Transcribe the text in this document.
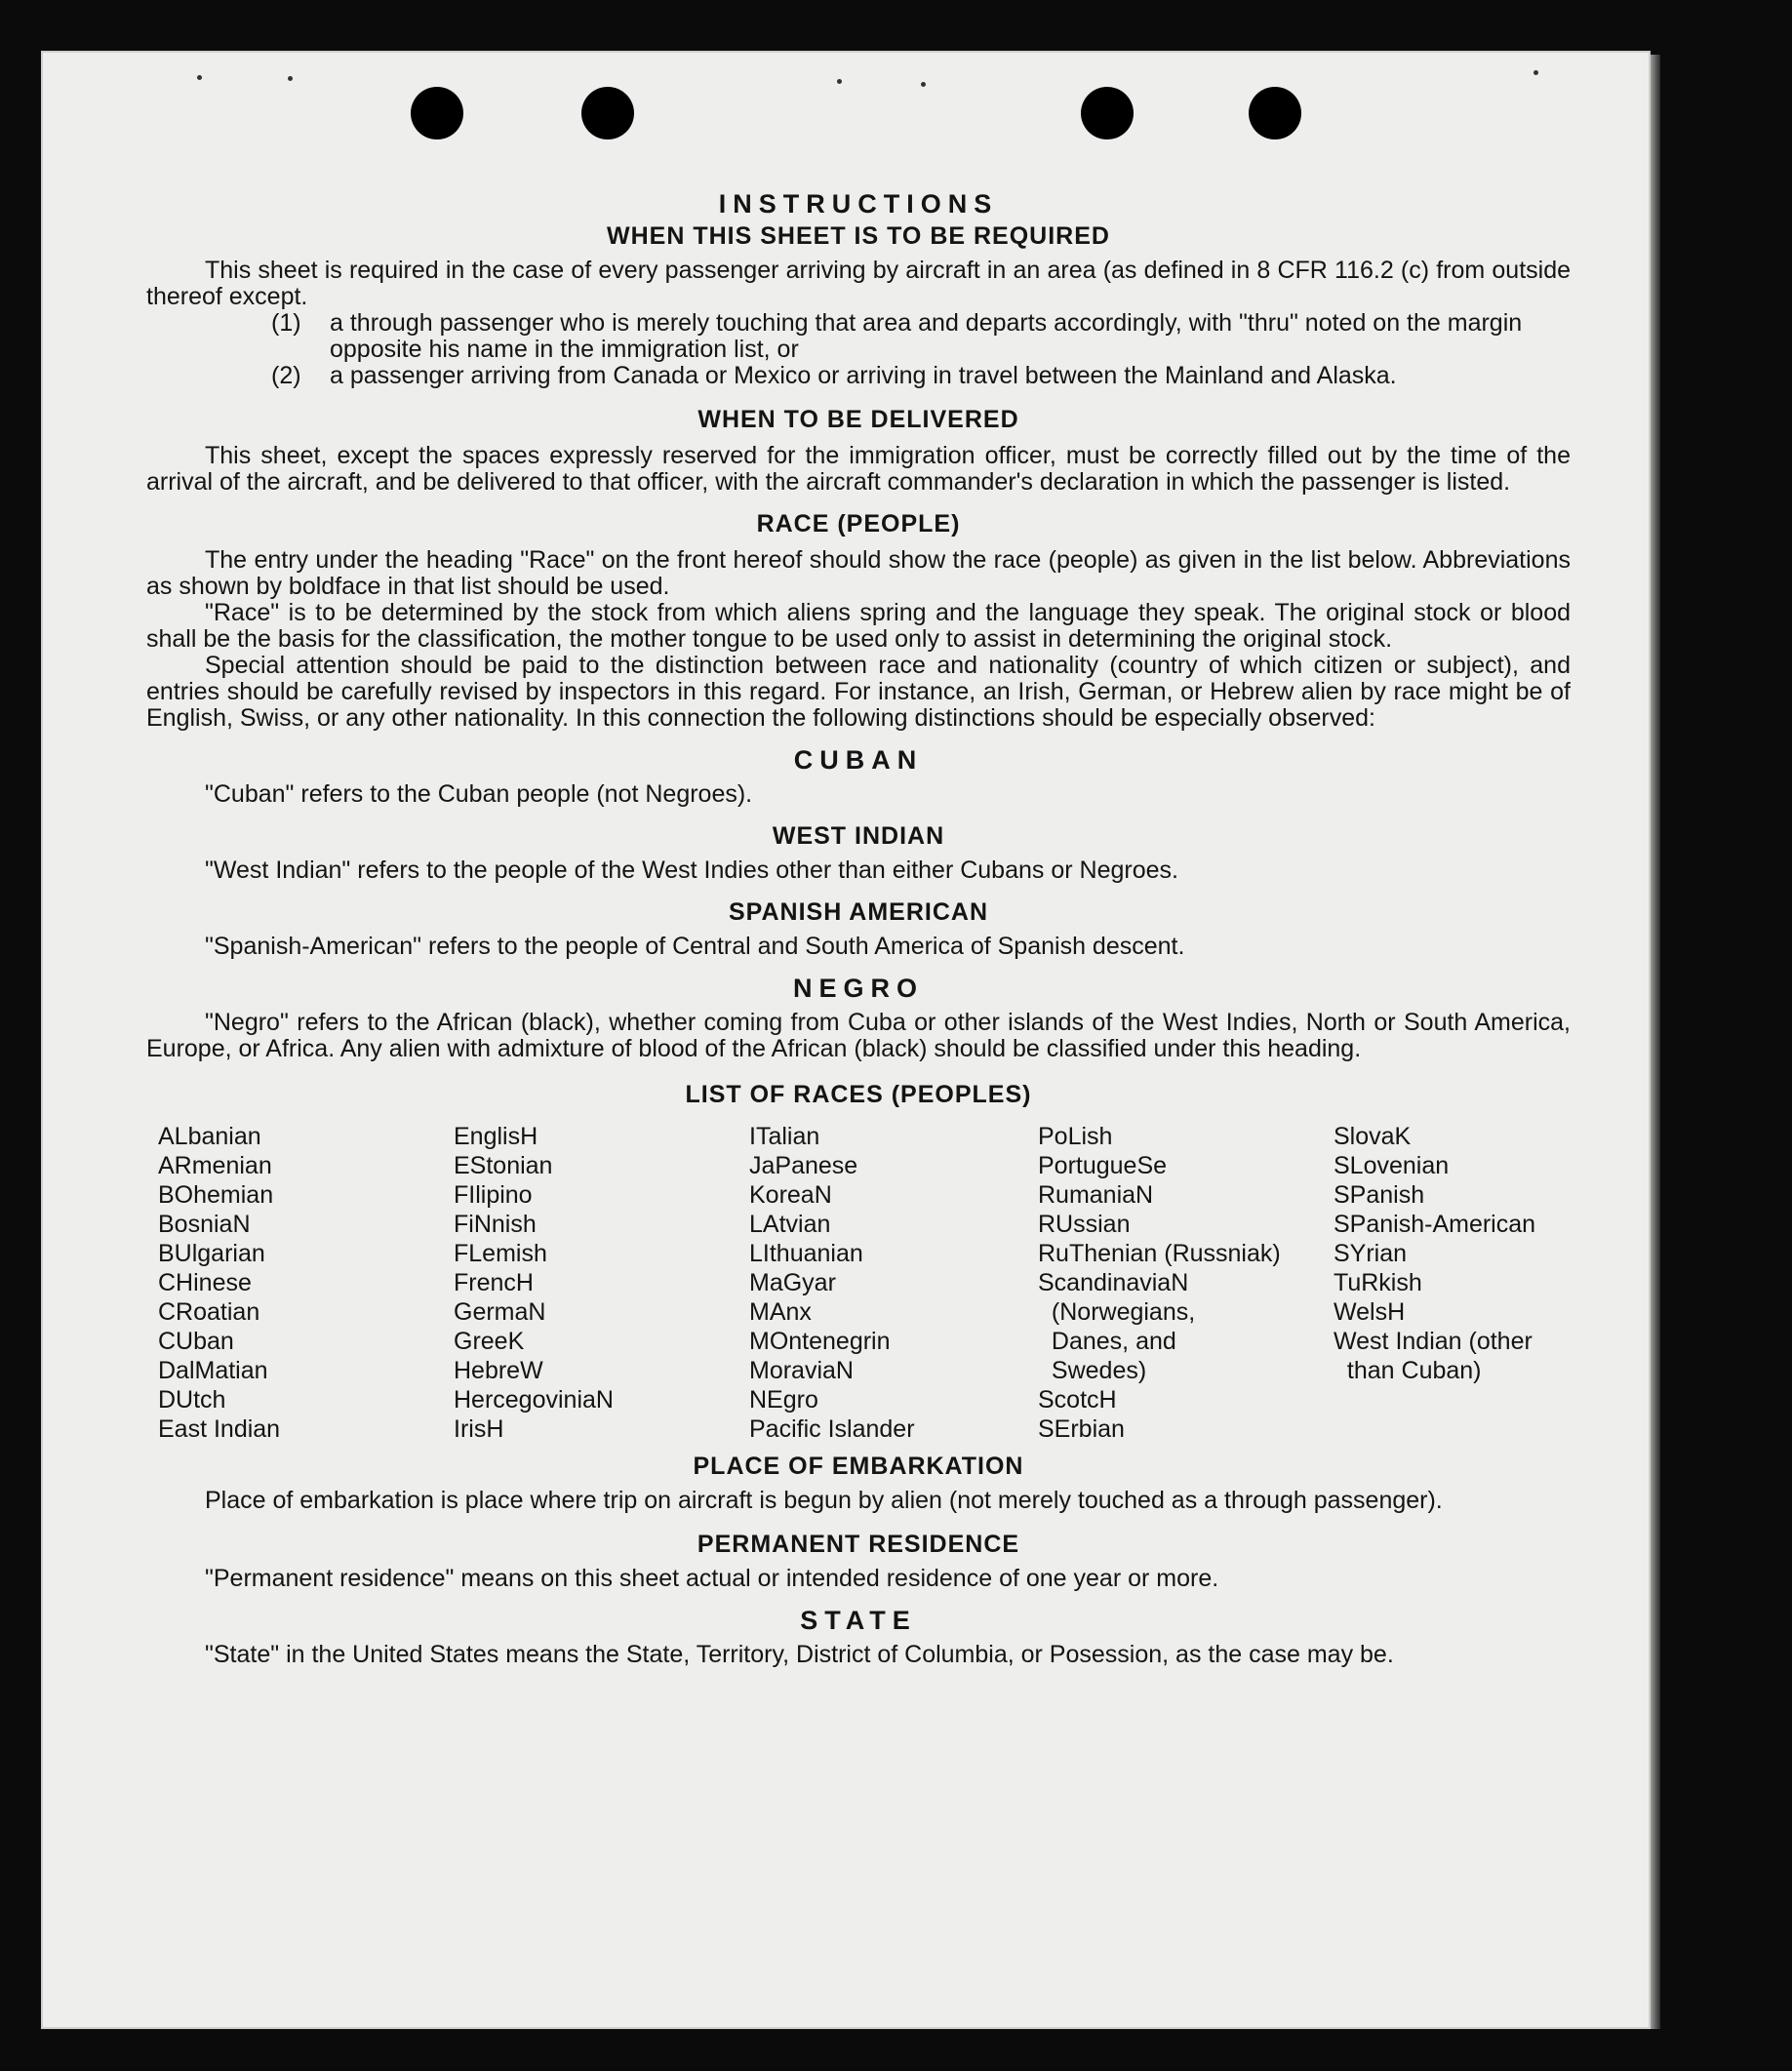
INSTRUCTIONS
WHEN THIS SHEET IS TO BE REQUIRED

This sheet is required in the case of every passenger arriving by aircraft in an area (as defined in 8 CFR 116.2 (c) from outside thereof except.

(1)	a through passenger who is merely touching that area and departs accordingly, with "thru" noted on the margin opposite his name in the immigration list, or
(2)	a passenger arriving from Canada or Mexico or arriving in travel between the Mainland and Alaska.
WHEN TO BE DELIVERED

This sheet, except the spaces expressly reserved for the immigration officer, must be correctly filled out by the time of the arrival of the aircraft, and be delivered to that officer, with the aircraft commander's declaration in which the passenger is listed.

RACE (PEOPLE)

The entry under the heading "Race" on the front hereof should show the race (people) as given in the list below. Abbreviations as shown by boldface in that list should be used.

"Race" is to be determined by the stock from which aliens spring and the language they speak. The original stock or blood shall be the basis for the classification, the mother tongue to be used only to assist in determining the original stock.

Special attention should be paid to the distinction between race and nationality (country of which citizen or subject), and entries should be carefully revised by inspectors in this regard. For instance, an Irish, German, or Hebrew alien by race might be of English, Swiss, or any other nationality. In this connection the following distinctions should be especially observed:

CUBAN

"Cuban" refers to the Cuban people (not Negroes).

WEST INDIAN

"West Indian" refers to the people of the West Indies other than either Cubans or Negroes.

SPANISH AMERICAN

"Spanish-American" refers to the people of Central and South America of Spanish descent.

NEGRO

"Negro" refers to the African (black), whether coming from Cuba or other islands of the West Indies, North or South America, Europe, or Africa. Any alien with admixture of blood of the African (black) should be classified under this heading.

LIST OF RACES (PEOPLES)
ALbanian
ARmenian
BOhemian
BosniaN
BUlgarian
CHinese
CRoatian
CUban
DalMatian
DUtch
East Indian
EnglisH
EStonian
FIlipino
FiNnish
FLemish
FrencH
GermaN
GreeK
HebreW
HercegoviniaN
IrisH
ITalian
JaPanese
KoreaN
LAtvian
LIthuanian
MaGyar
MAnx
MOntenegrin
MoraviaN
NEgro
Pacific Islander
PoLish
PortugueSe
RumaniaN
RUssian
RuThenian (Russniak)
ScandinaviaN
(Norwegians,
Danes, and
Swedes)
ScotcH
SErbian
SlovaK
SLovenian
SPanish
SPanish-American
SYrian
TuRkish
WelsH
West Indian (other
than Cuban)
PLACE OF EMBARKATION

Place of embarkation is place where trip on aircraft is begun by alien (not merely touched as a through passenger).

PERMANENT RESIDENCE

"Permanent residence" means on this sheet actual or intended residence of one year or more.

STATE

"State" in the United States means the State, Territory, District of Columbia, or Posession, as the case may be.
